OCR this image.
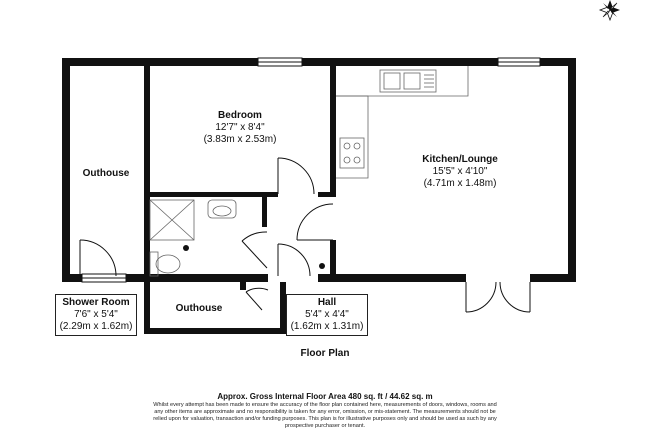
Bedroom
12'7" x 8'4"
(3.83m x 2.53m)
Kitchen/Lounge
15'5" x 4'10"
(4.71m x 1.48m)
Outhouse
Outhouse
Shower Room
7'6" x 5'4"
(2.29m x 1.62m)
Hall
5'4" x 4'4"
(1.62m x 1.31m)
Floor Plan
Approx. Gross Internal Floor Area 480 sq. ft / 44.62 sq. m
Whilst every attempt has been made to ensure the accuracy of the floor plan contained here, measurements of doors, windows, rooms and any other items are approximate and no responsibility is taken for any error, omission, or mis-statement. The measurements should not be relied upon for valuation, transaction and/or funding purposes. This plan is for illustrative purposes only and should be used as such by any prospective purchaser or tenant.
